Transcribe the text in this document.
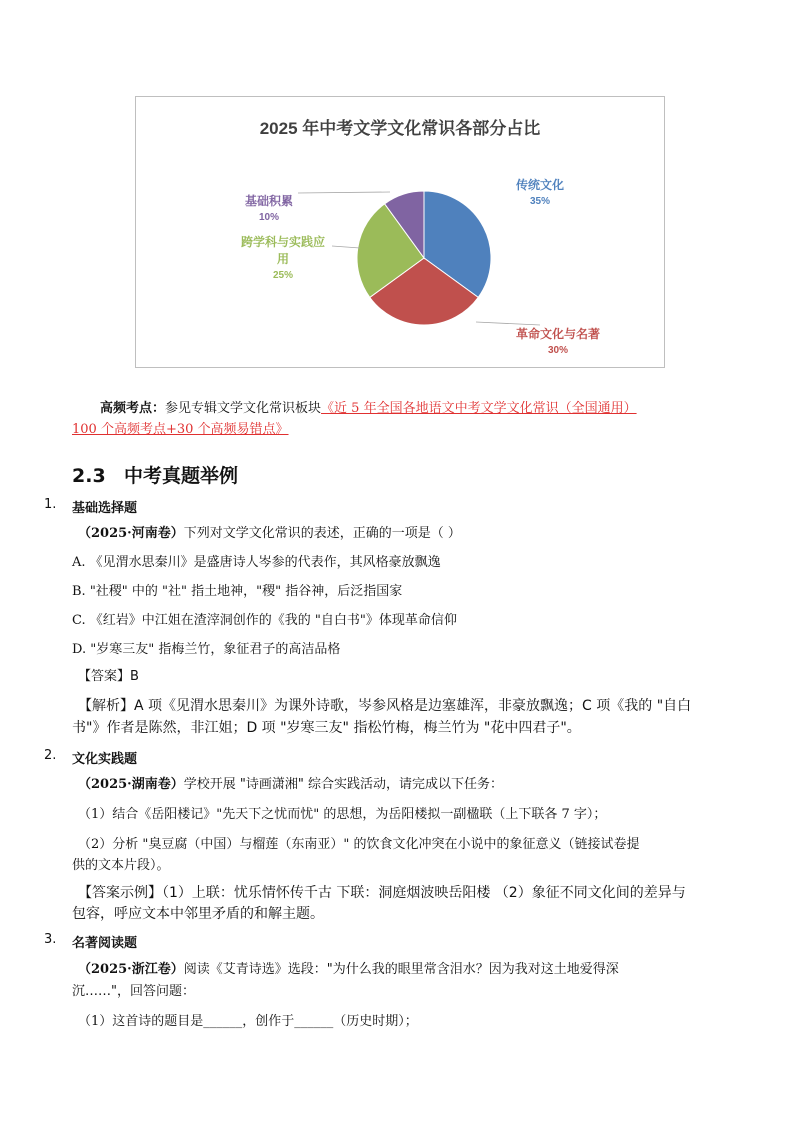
2025 年中考文学文化常识各部分占比
传统文化
35%
革命文化与名著
30%
跨学科与实践应
用
25%
基础积累
10%
高频考点：参见专辑文学文化常识板块《近 5 年全国各地语文中考文学文化常识（全国通用）
100 个高频考点+30 个高频易错点》
2.3 中考真题举例
1. 基础选择题
（2025·河南卷）下列对文学文化常识的表述，正确的一项是（ ）
A. 《见渭水思秦川》是盛唐诗人岑参的代表作，其风格豪放飘逸
B. "社稷" 中的 "社" 指土地神，"稷" 指谷神，后泛指国家
C. 《红岩》中江姐在渣滓洞创作的《我的 "自白书"》体现革命信仰
D. "岁寒三友" 指梅兰竹，象征君子的高洁品格
【答案】B
【解析】A 项《见渭水思秦川》为课外诗歌，岑参风格是边塞雄浑，非豪放飘逸；C 项《我的 "自白
书"》作者是陈然，非江姐；D 项 "岁寒三友" 指松竹梅，梅兰竹为 "花中四君子"。
2. 文化实践题
（2025·湖南卷）学校开展 "诗画潇湘" 综合实践活动，请完成以下任务：
（1）结合《岳阳楼记》"先天下之忧而忧" 的思想，为岳阳楼拟一副楹联（上下联各 7 字）；
（2）分析 "臭豆腐（中国）与榴莲（东南亚）" 的饮食文化冲突在小说中的象征意义（链接试卷提
供的文本片段）。
【答案示例】（1）上联：忧乐情怀传千古 下联：洞庭烟波映岳阳楼 （2）象征不同文化间的差异与
包容，呼应文本中邻里矛盾的和解主题。
3. 名著阅读题
（2025·浙江卷）阅读《艾青诗选》选段："为什么我的眼里常含泪水？因为我对这土地爱得深
沉……"，回答问题：
（1）这首诗的题目是______，创作于______（历史时期）；
